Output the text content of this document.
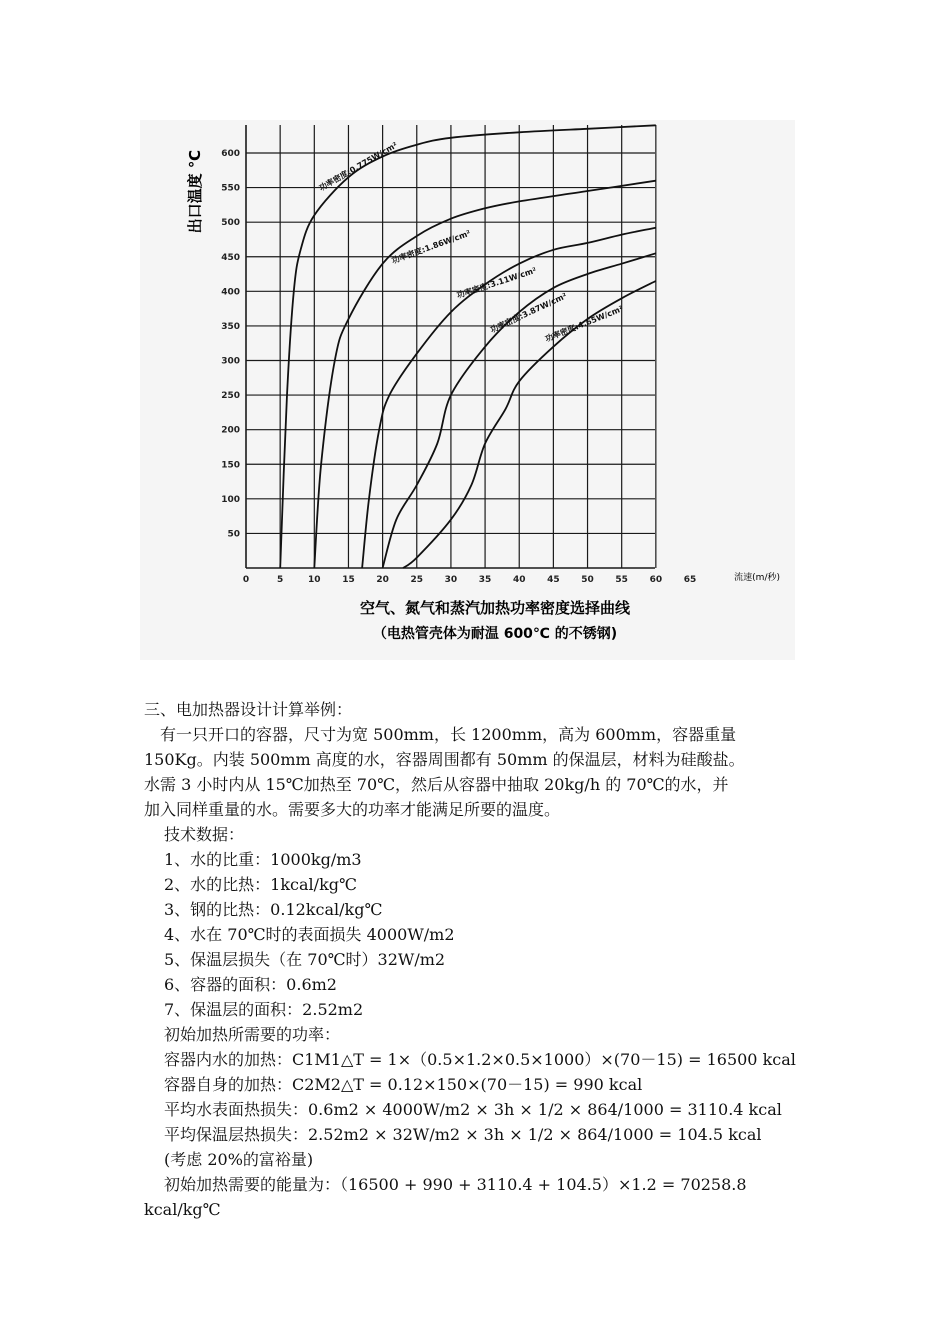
出口温度 ℃
流速(m/秒)
空气、氮气和蒸汽加热功率密度选择曲线
（电热管壳体为耐温 600℃ 的不锈钢)
0	5	10 15 20 25 30 35 40 45 50 55 60 65
50
100
150
200
250
300
350
400
450
500
550
600	功率密度:0.775W/cm²
功率密度:1.86W/cm²
功率密度:3.11W/cm²
功率密度:3.87W/cm²
功率密度:4.65W/cm²

三、电加热器设计计算举例：

有一只开口的容器，尺寸为宽 500mm，长 1200mm，高为 600mm，容器重量

150Kg。内装 500mm 高度的水，容器周围都有 50mm 的保温层，材料为硅酸盐。

水需 3 小时内从 15℃加热至 70℃，然后从容器中抽取 20kg/h 的 70℃的水，并

加入同样重量的水。需要多大的功率才能满足所要的温度。

技术数据：

1、水的比重：1000kg/m3

2、水的比热：1kcal/kg℃

3、钢的比热：0.12kcal/kg℃

4、水在 70℃时的表面损失 4000W/m2

5、保温层损失（在 70℃时）32W/m2

6、容器的面积：0.6m2

7、保温层的面积：2.52m2

初始加热所需要的功率：

容器内水的加热：C1M1△T = 1×（0.5×1.2×0.5×1000）×(70－15) = 16500 kcal

容器自身的加热：C2M2△T = 0.12×150×(70－15) = 990 kcal

平均水表面热损失：0.6m2 × 4000W/m2 × 3h × 1/2 × 864/1000 = 3110.4 kcal

平均保温层热损失：2.52m2 × 32W/m2 × 3h × 1/2 × 864/1000 = 104.5 kcal

(考虑 20%的富裕量)

初始加热需要的能量为：（16500 + 990 + 3110.4 + 104.5）×1.2 = 70258.8

kcal/kg℃
